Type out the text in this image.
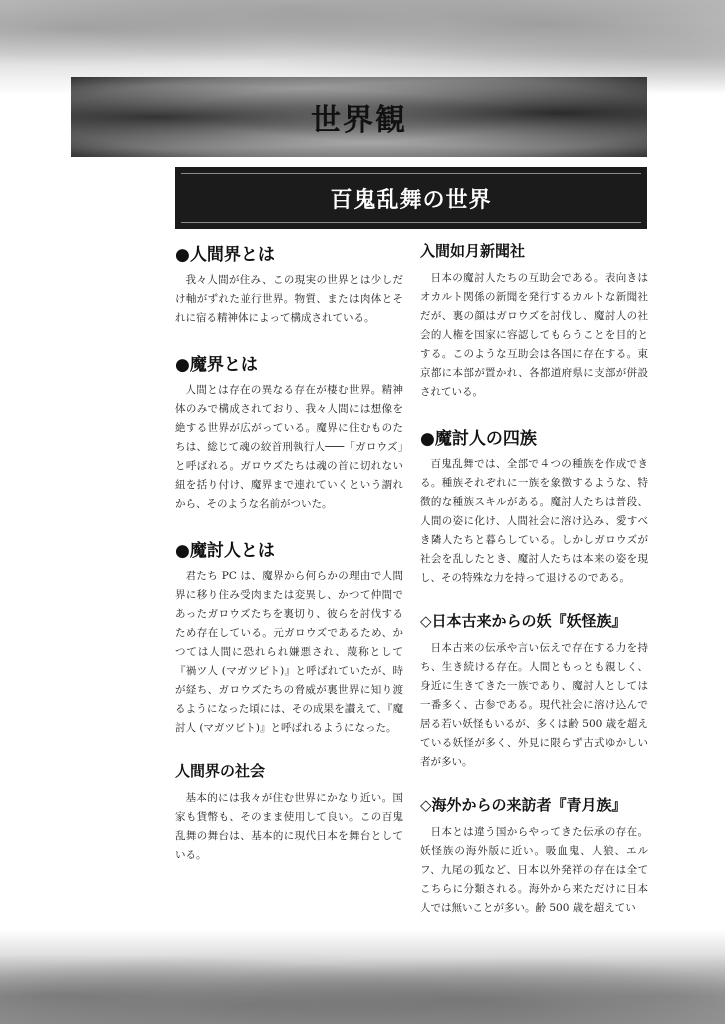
世界観
百鬼乱舞の世界
●人間界とは

我々人間が住み、この現実の世界とは少しだけ軸がずれた並行世界。物質、または肉体とそれに宿る精神体によって構成されている。

●魔界とは

人間とは存在の異なる存在が棲む世界。精神体のみで構成されており、我々人間には想像を絶する世界が広がっている。魔界に住むものたちは、総じて魂の絞首刑執行人───「ガロウズ」と呼ばれる。ガロウズたちは魂の首に切れない紐を括り付け、魔界まで連れていくという謂れから、そのような名前がついた。

●魔討人とは

君たち PC は、魔界から何らかの理由で人間界に移り住み受肉または変異し、かつて仲間であったガロウズたちを裏切り、彼らを討伐するため存在している。元ガロウズであるため、かつては人間に恐れられ嫌悪され、蔑称として『禍ツ人 (マガツビト)』と呼ばれていたが、時が経ち、ガロウズたちの脅威が裏世界に知り渡るようになった頃には、その成果を讃えて、『魔討人 (マガツビト)』と呼ばれるようになった。

人間界の社会

基本的には我々が住む世界にかなり近い。国家も貨幣も、そのまま使用して良い。この百鬼乱舞の舞台は、基本的に現代日本を舞台としている。

入間如月新聞社

日本の魔討人たちの互助会である。表向きはオカルト関係の新聞を発行するカルトな新聞社だが、裏の顔はガロウズを討伐し、魔討人の社会的人権を国家に容認してもらうことを目的とする。このような互助会は各国に存在する。東京都に本部が置かれ、各都道府県に支部が併設されている。

●魔討人の四族

百鬼乱舞では、全部で４つの種族を作成できる。種族それぞれに一族を象徴するような、特徴的な種族スキルがある。魔討人たちは普段、人間の姿に化け、人間社会に溶け込み、愛すべき隣人たちと暮らしている。しかしガロウズが社会を乱したとき、魔討人たちは本来の姿を現し、その特殊な力を持って退けるのである。

◇日本古来からの妖『妖怪族』

日本古来の伝承や言い伝えで存在する力を持ち、生き続ける存在。人間ともっとも親しく、身近に生きてきた一族であり、魔討人としては一番多く、古参である。現代社会に溶け込んで居る若い妖怪もいるが、多くは齢 500 歳を超えている妖怪が多く、外見に限らず古式ゆかしい者が多い。

◇海外からの来訪者『青月族』

日本とは違う国からやってきた伝承の存在。妖怪族の海外版に近い。吸血鬼、人狼、エルフ、九尾の狐など、日本以外発祥の存在は全てこちらに分類される。海外から来ただけに日本人では無いことが多い。齢 500 歳を超えてい
